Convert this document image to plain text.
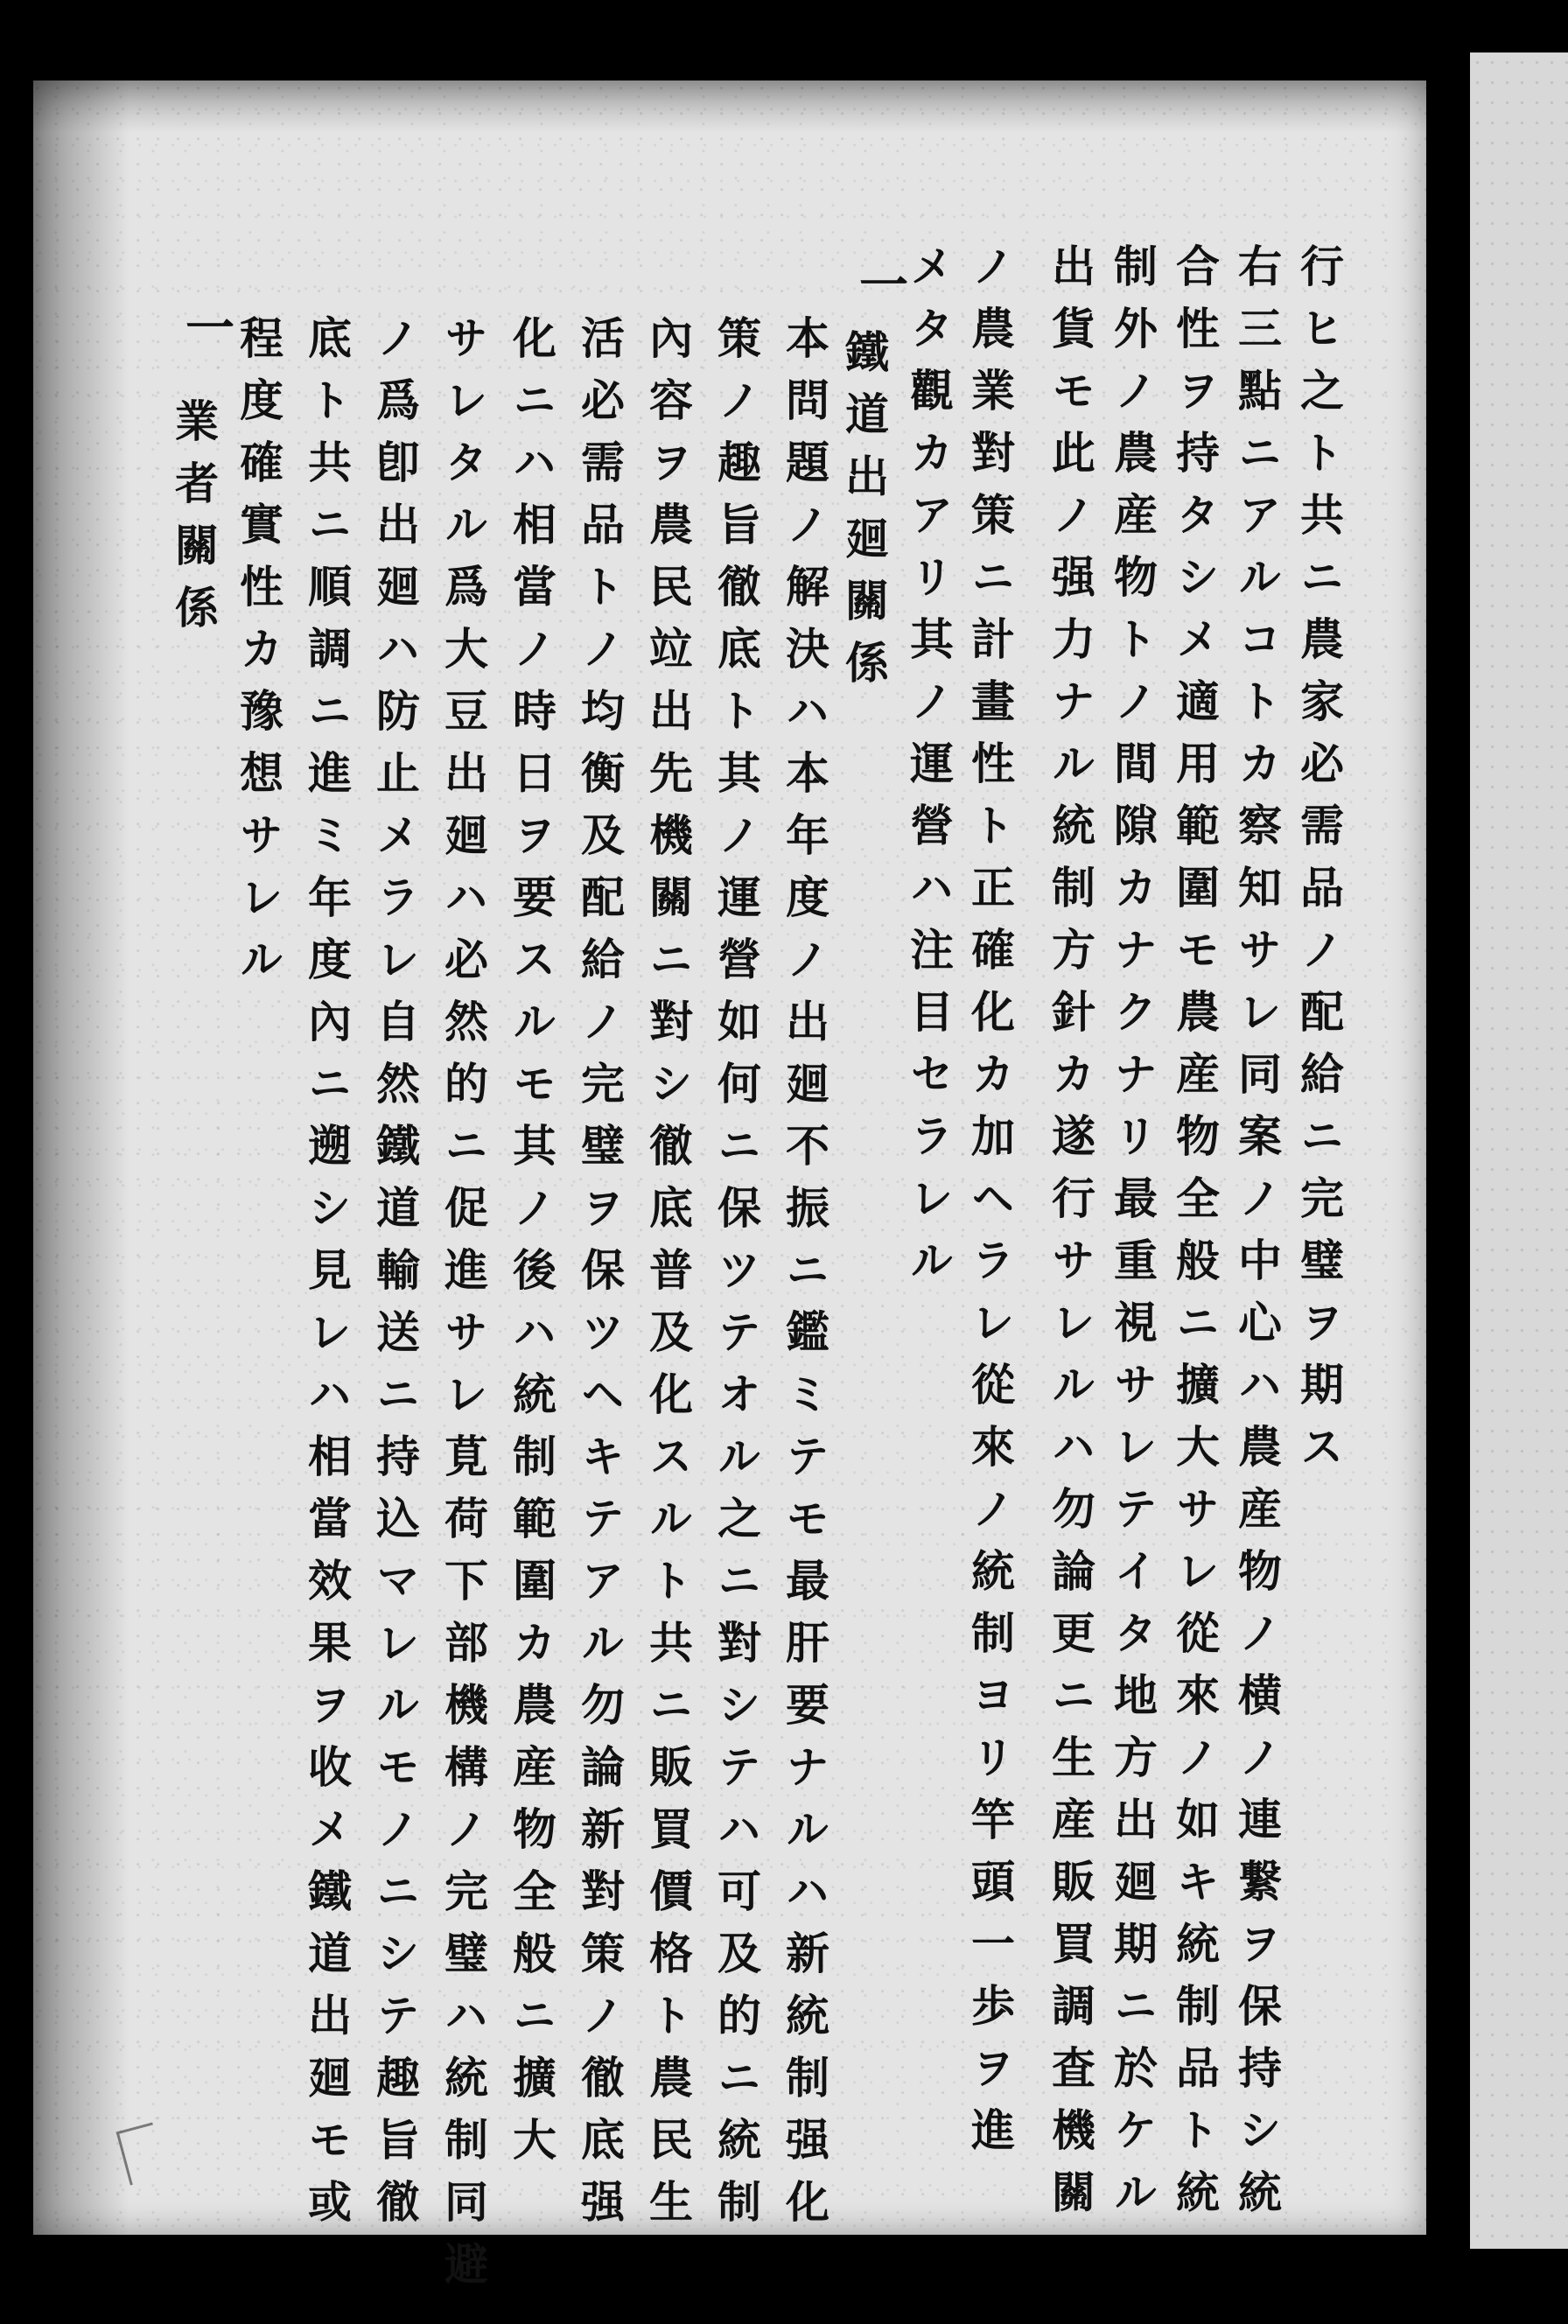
行ヒ之ト共ニ農家必需品ノ配給ニ完璧ヲ期ス
右三點ニアルコトカ察知サレ同案ノ中心ハ農産物ノ横ノ連繋ヲ保持シ統
合性ヲ持タシメ適用範圍モ農産物全般ニ擴大サレ從來ノ如キ統制品ト統
制外ノ農産物トノ間隙カナクナリ最重視サレテイタ地方出廻期ニ於ケル
出貨モ此ノ强力ナル統制方針カ遂行サレルハ勿論更ニ生産販買調査機關
ノ農業對策ニ計畫性ト正確化カ加ヘラレ從來ノ統制ヨリ竿頭一歩ヲ進
メタ觀カアリ其ノ運營ハ注目セラレル
一
鐵道出廻關係
本問題ノ解決ハ本年度ノ出廻不振ニ鑑ミテモ最肝要ナルハ新統制强化
策ノ趣旨徹底ト其ノ運營如何ニ保ツテオル之ニ對シテハ可及的ニ統制
內容ヲ農民竝出先機關ニ對シ徹底普及化スルト共ニ販買價格ト農民生
活必需品トノ均衡及配給ノ完璧ヲ保ツヘキテアル勿論新對策ノ徹底强
化ニハ相當ノ時日ヲ要スルモ其ノ後ハ統制範圍カ農産物全般ニ擴大
サレタル爲大豆出廻ハ必然的ニ促進サレ莧荷下部機構ノ完璧ハ統制同避
ノ爲卽出廻ハ防止メラレ自然鐵道輸送ニ持込マレルモノニシテ趣旨徹
底ト共ニ順調ニ進ミ年度內ニ遡シ見レハ相當效果ヲ收メ鐵道出廻モ或
程度確實性カ豫想サレル
一
業者關係
